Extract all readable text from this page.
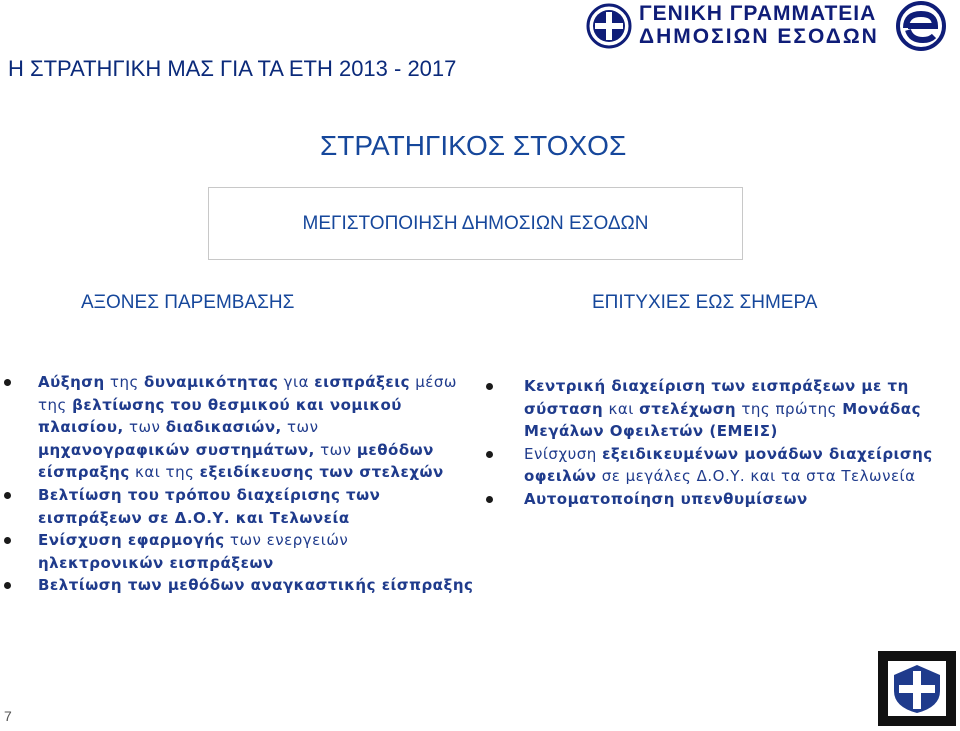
Η ΣΤΡΑΤΗΓΙΚΗ ΜΑΣ ΓΙΑ ΤΑ ΕΤΗ 2013 - 2017
ΓΕΝΙΚΗ ΓΡΑΜΜΑΤΕΙΑ
ΔΗΜΟΣΙΩΝ ΕΣΟΔΩΝ
ΣΤΡΑΤΗΓΙΚΟΣ ΣΤΟΧΟΣ
ΜΕΓΙΣΤΟΠΟΙΗΣΗ ΔΗΜΟΣΙΩΝ ΕΣΟΔΩΝ
ΑΞΟΝΕΣ ΠΑΡΕΜΒΑΣΗΣ	ΕΠΙΤΥΧΙΕΣ ΕΩΣ ΣΗΜΕΡΑ
Αύξηση της δυναμικότητας για εισπράξεις μέσω της βελτίωσης του θεσμικού και νομικού πλαισίου, των διαδικασιών, των μηχανογραφικών συστημάτων, των μεθόδων είσπραξης και της εξειδίκευσης των στελεχών
Βελτίωση του τρόπου διαχείρισης των εισπράξεων σε Δ.Ο.Υ. και Τελωνεία
Ενίσχυση εφαρμογής των ενεργειών ηλεκτρονικών εισπράξεων
Βελτίωση των μεθόδων αναγκαστικής είσπραξης
Κεντρική διαχείριση των εισπράξεων με τη σύσταση και στελέχωση της πρώτης Μονάδας Μεγάλων Οφειλετών (ΕΜΕΙΣ)
Ενίσχυση εξειδικευμένων μονάδων διαχείρισης οφειλών σε μεγάλες Δ.Ο.Υ. και τα στα Τελωνεία
Αυτοματοποίηση υπενθυμίσεων
7
